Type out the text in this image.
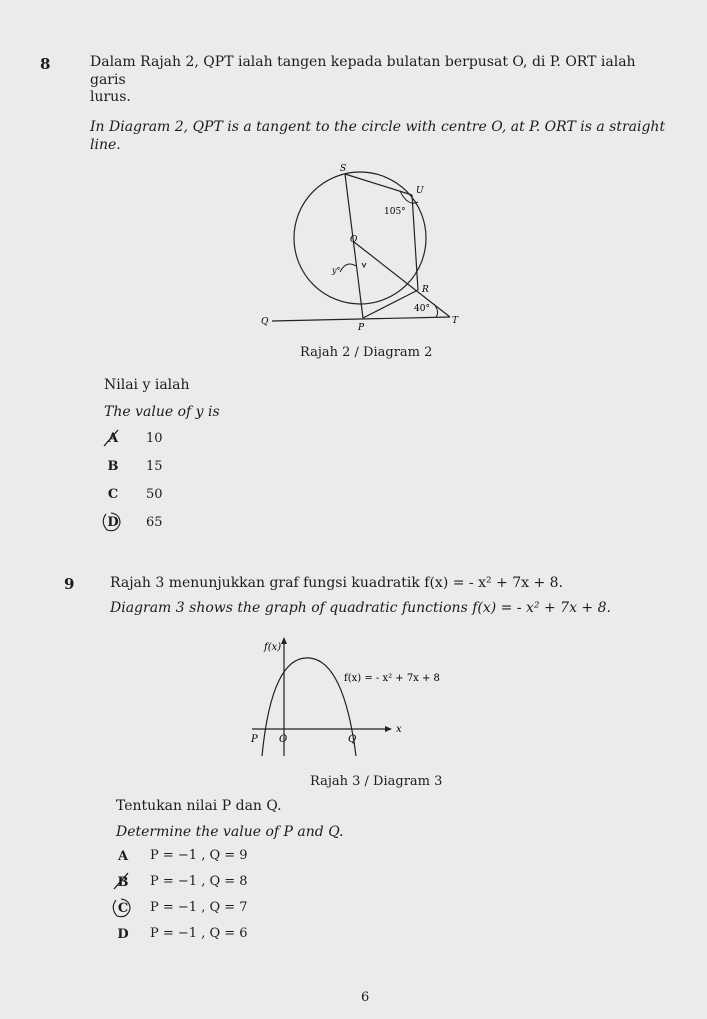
8	Dalam Rajah 2, QPT ialah tangen kepada bulatan berpusat O, di P. ORT ialah garis
lurus.
In Diagram 2, QPT is a tangent to the circle with centre O, at P. ORT is a straight line.
S
U
105°
O
y°
R
40°
Q
P
T
Rajah 2 / Diagram 2
Nilai y ialah
The value of y is
A	10
B 15
C 50
D 65
9	Rajah 3 menunjukkan graf fungsi kuadratik f(x) = - x² + 7x + 8.
Diagram 3 shows the graph of quadratic functions f(x) = - x² + 7x + 8.
f(x)
f(x) = - x² + 7x + 8
x
P O	Q
Rajah 3 / Diagram 3
Tentukan nilai P dan Q.
Determine the value of P and Q.
A	P = −1 , Q = 9
B P = −1 , Q = 8
C P = −1 , Q = 7
D P = −1 , Q = 6
6
